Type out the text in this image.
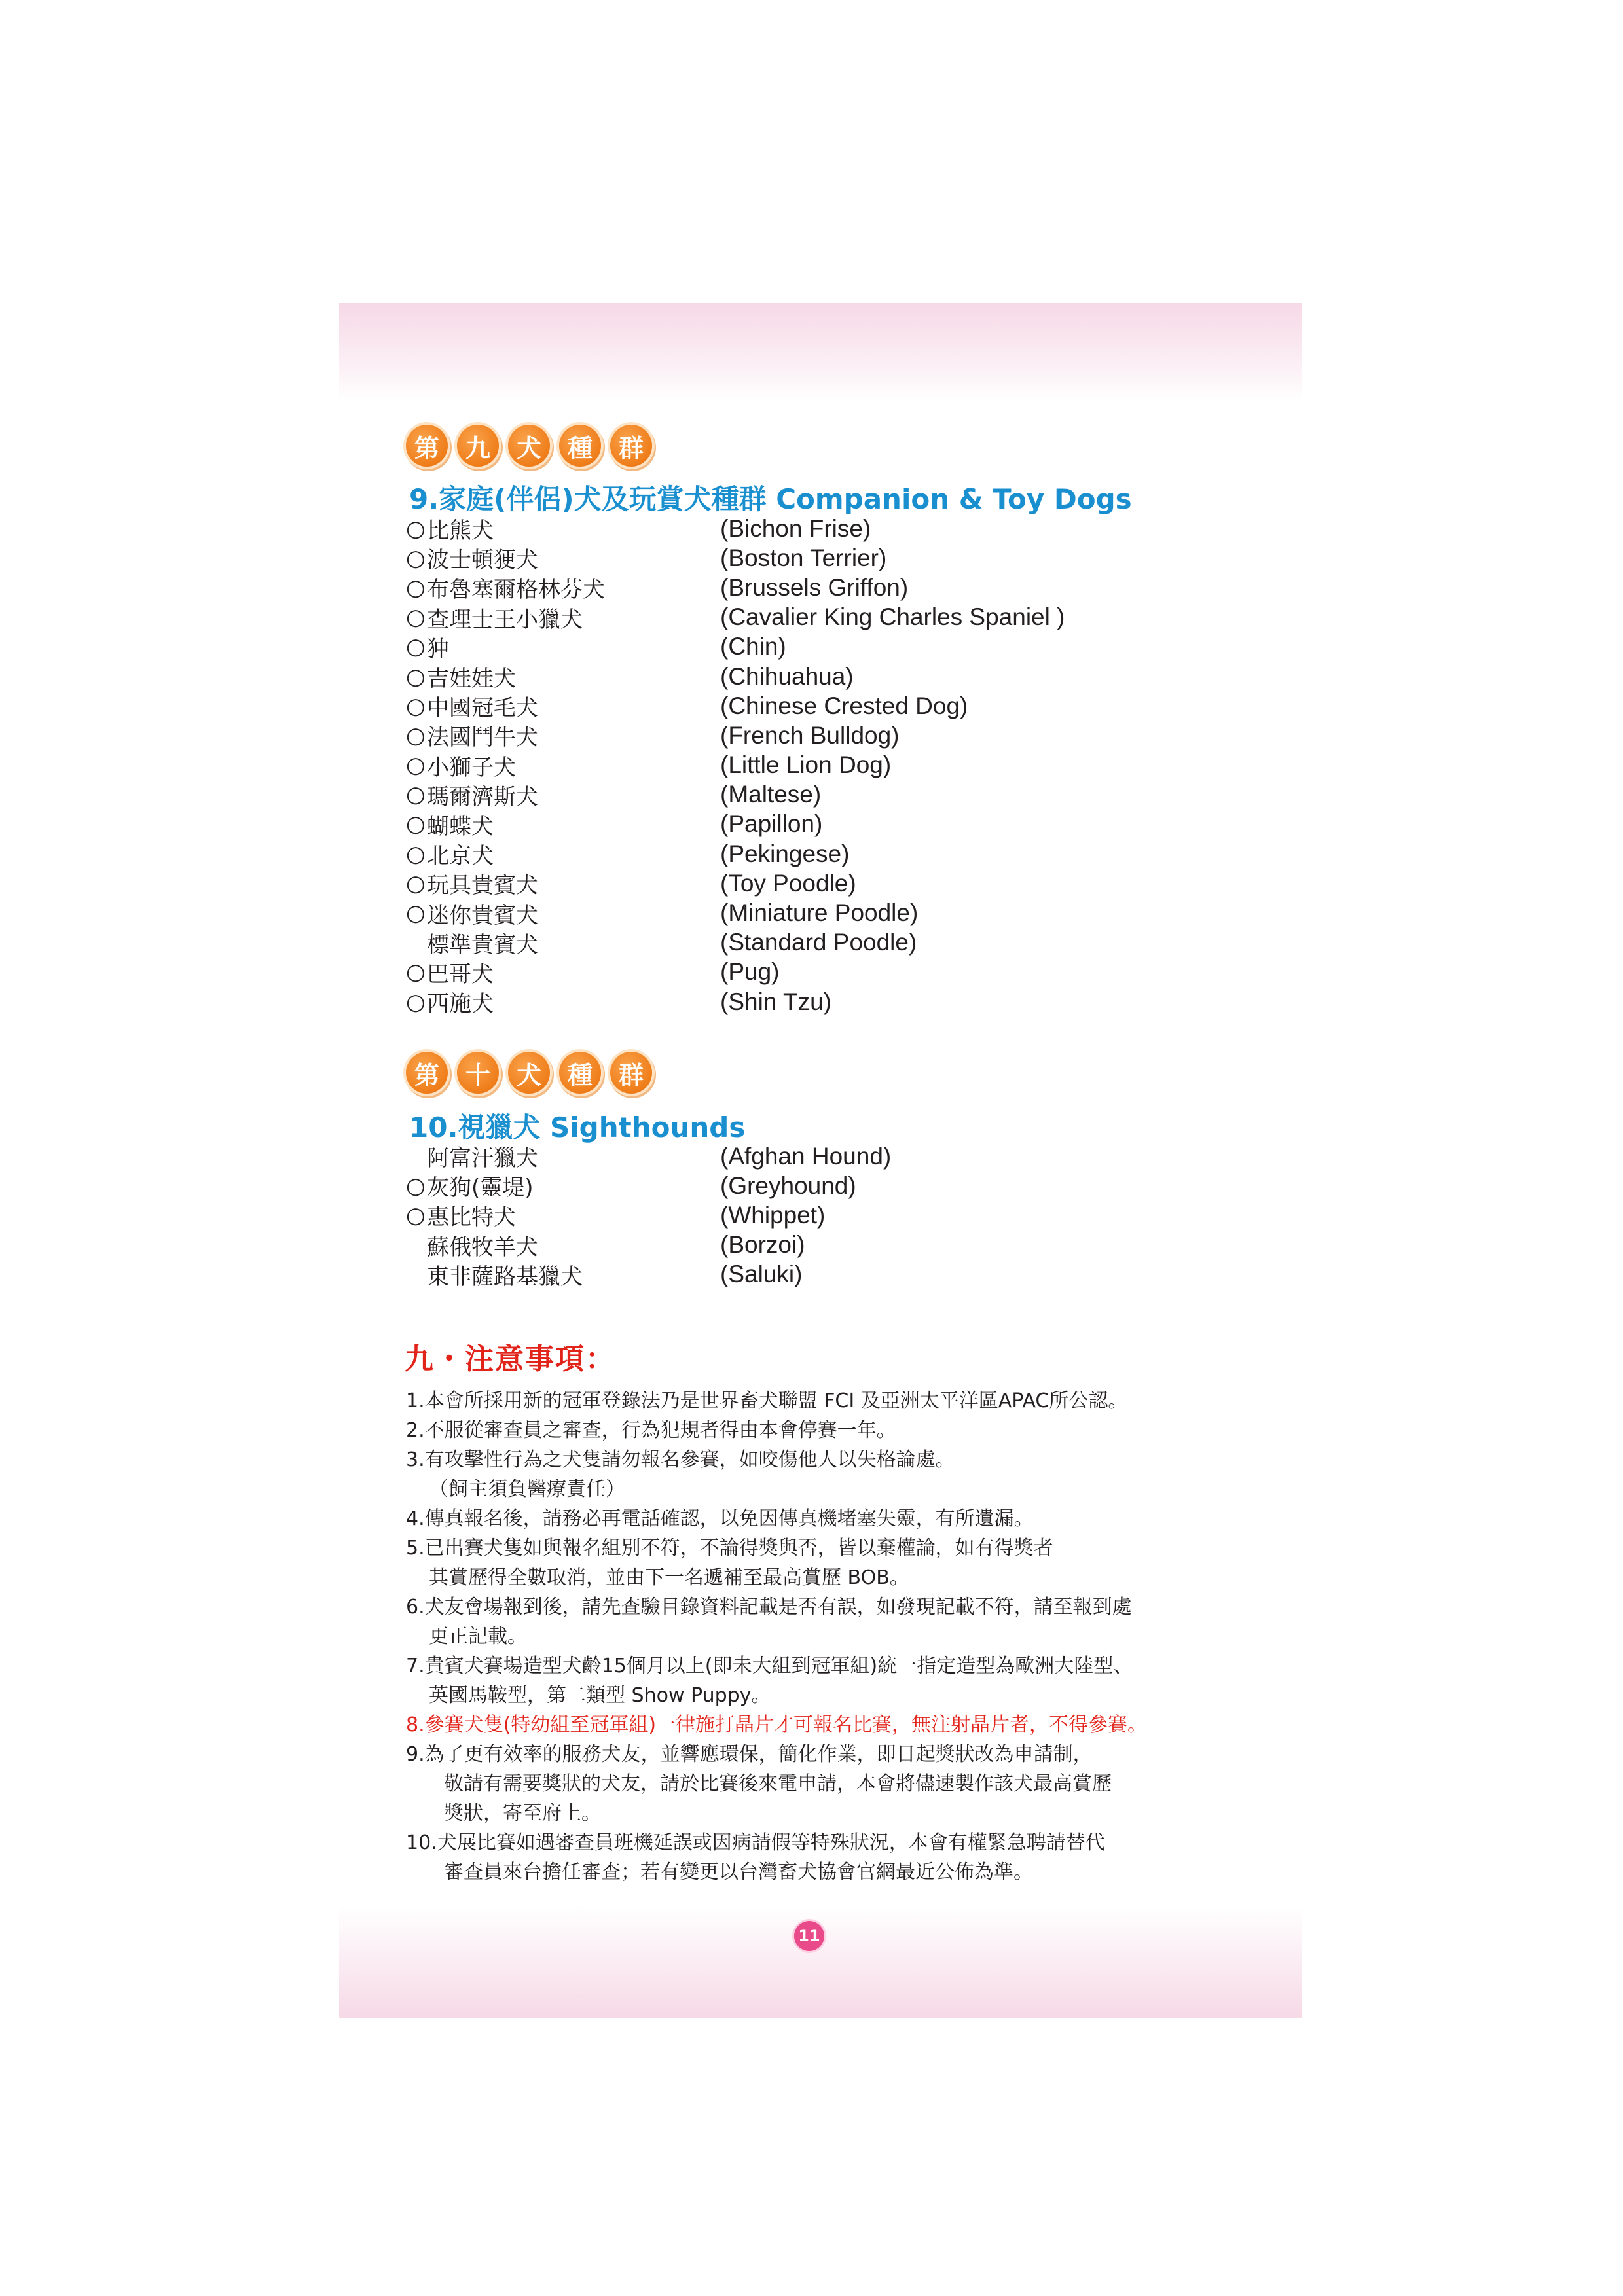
第	九	犬	種	群
9.家庭(伴侶)犬及玩賞犬種群 Companion & Toy Dogs
○ 比熊犬	(Bichon Frise)
○ 波士頓㹴犬	(Boston Terrier)
○ 布魯塞爾格林芬犬	(Brussels Griffon)
○ 查理士王小獵犬	(Cavalier King Charles Spaniel )
○ 狆	(Chin)
○ 吉娃娃犬	(Chihuahua)
○ 中國冠毛犬	(Chinese Crested Dog)
○ 法國鬥牛犬	(French Bulldog)
○ 小獅子犬	(Little Lion Dog)
○ 瑪爾濟斯犬	(Maltese)
○ 蝴蝶犬	(Papillon)
○ 北京犬	(Pekingese)
○ 玩具貴賓犬	(Toy Poodle)
○ 迷你貴賓犬	(Miniature Poodle)
標準貴賓犬	(Standard Poodle)
○ 巴哥犬	(Pug)
○ 西施犬	(Shin Tzu)
第	十	犬	種	群
10.視獵犬 Sighthounds
阿富汗獵犬	(Afghan Hound)
○ 灰狗(靈堤)	(Greyhound)
○ 惠比特犬	(Whippet)
蘇俄牧羊犬	(Borzoi)
東非薩路基獵犬	(Saluki)
九・注意事項：
1.本會所採用新的冠軍登錄法乃是世界畜犬聯盟 FCI 及亞洲太平洋區APAC所公認。
2.不服從審查員之審查，行為犯規者得由本會停賽一年。
3.有攻擊性行為之犬隻請勿報名參賽，如咬傷他人以失格論處。
（飼主須負醫療責任）
4.傳真報名後，請務必再電話確認，以免因傳真機堵塞失靈，有所遺漏。
5.已出賽犬隻如與報名組別不符，不論得獎與否，皆以棄權論，如有得獎者
其賞歷得全數取消，並由下一名遞補至最高賞歷 BOB。
6.犬友會場報到後，請先查驗目錄資料記載是否有誤，如發現記載不符，請至報到處
更正記載。
7.貴賓犬賽場造型犬齡15個月以上(即未大組到冠軍組)統一指定造型為歐洲大陸型、
英國馬鞍型，第二類型 Show Puppy。
8.參賽犬隻(特幼組至冠軍組)一律施打晶片才可報名比賽，無注射晶片者，不得參賽。
9.為了更有效率的服務犬友，並響應環保，簡化作業，即日起獎狀改為申請制，
敬請有需要獎狀的犬友，請於比賽後來電申請，本會將儘速製作該犬最高賞歷
獎狀，寄至府上。
10.犬展比賽如遇審查員班機延誤或因病請假等特殊狀況，本會有權緊急聘請替代
審查員來台擔任審查；若有變更以台灣畜犬協會官網最近公佈為準。
11
